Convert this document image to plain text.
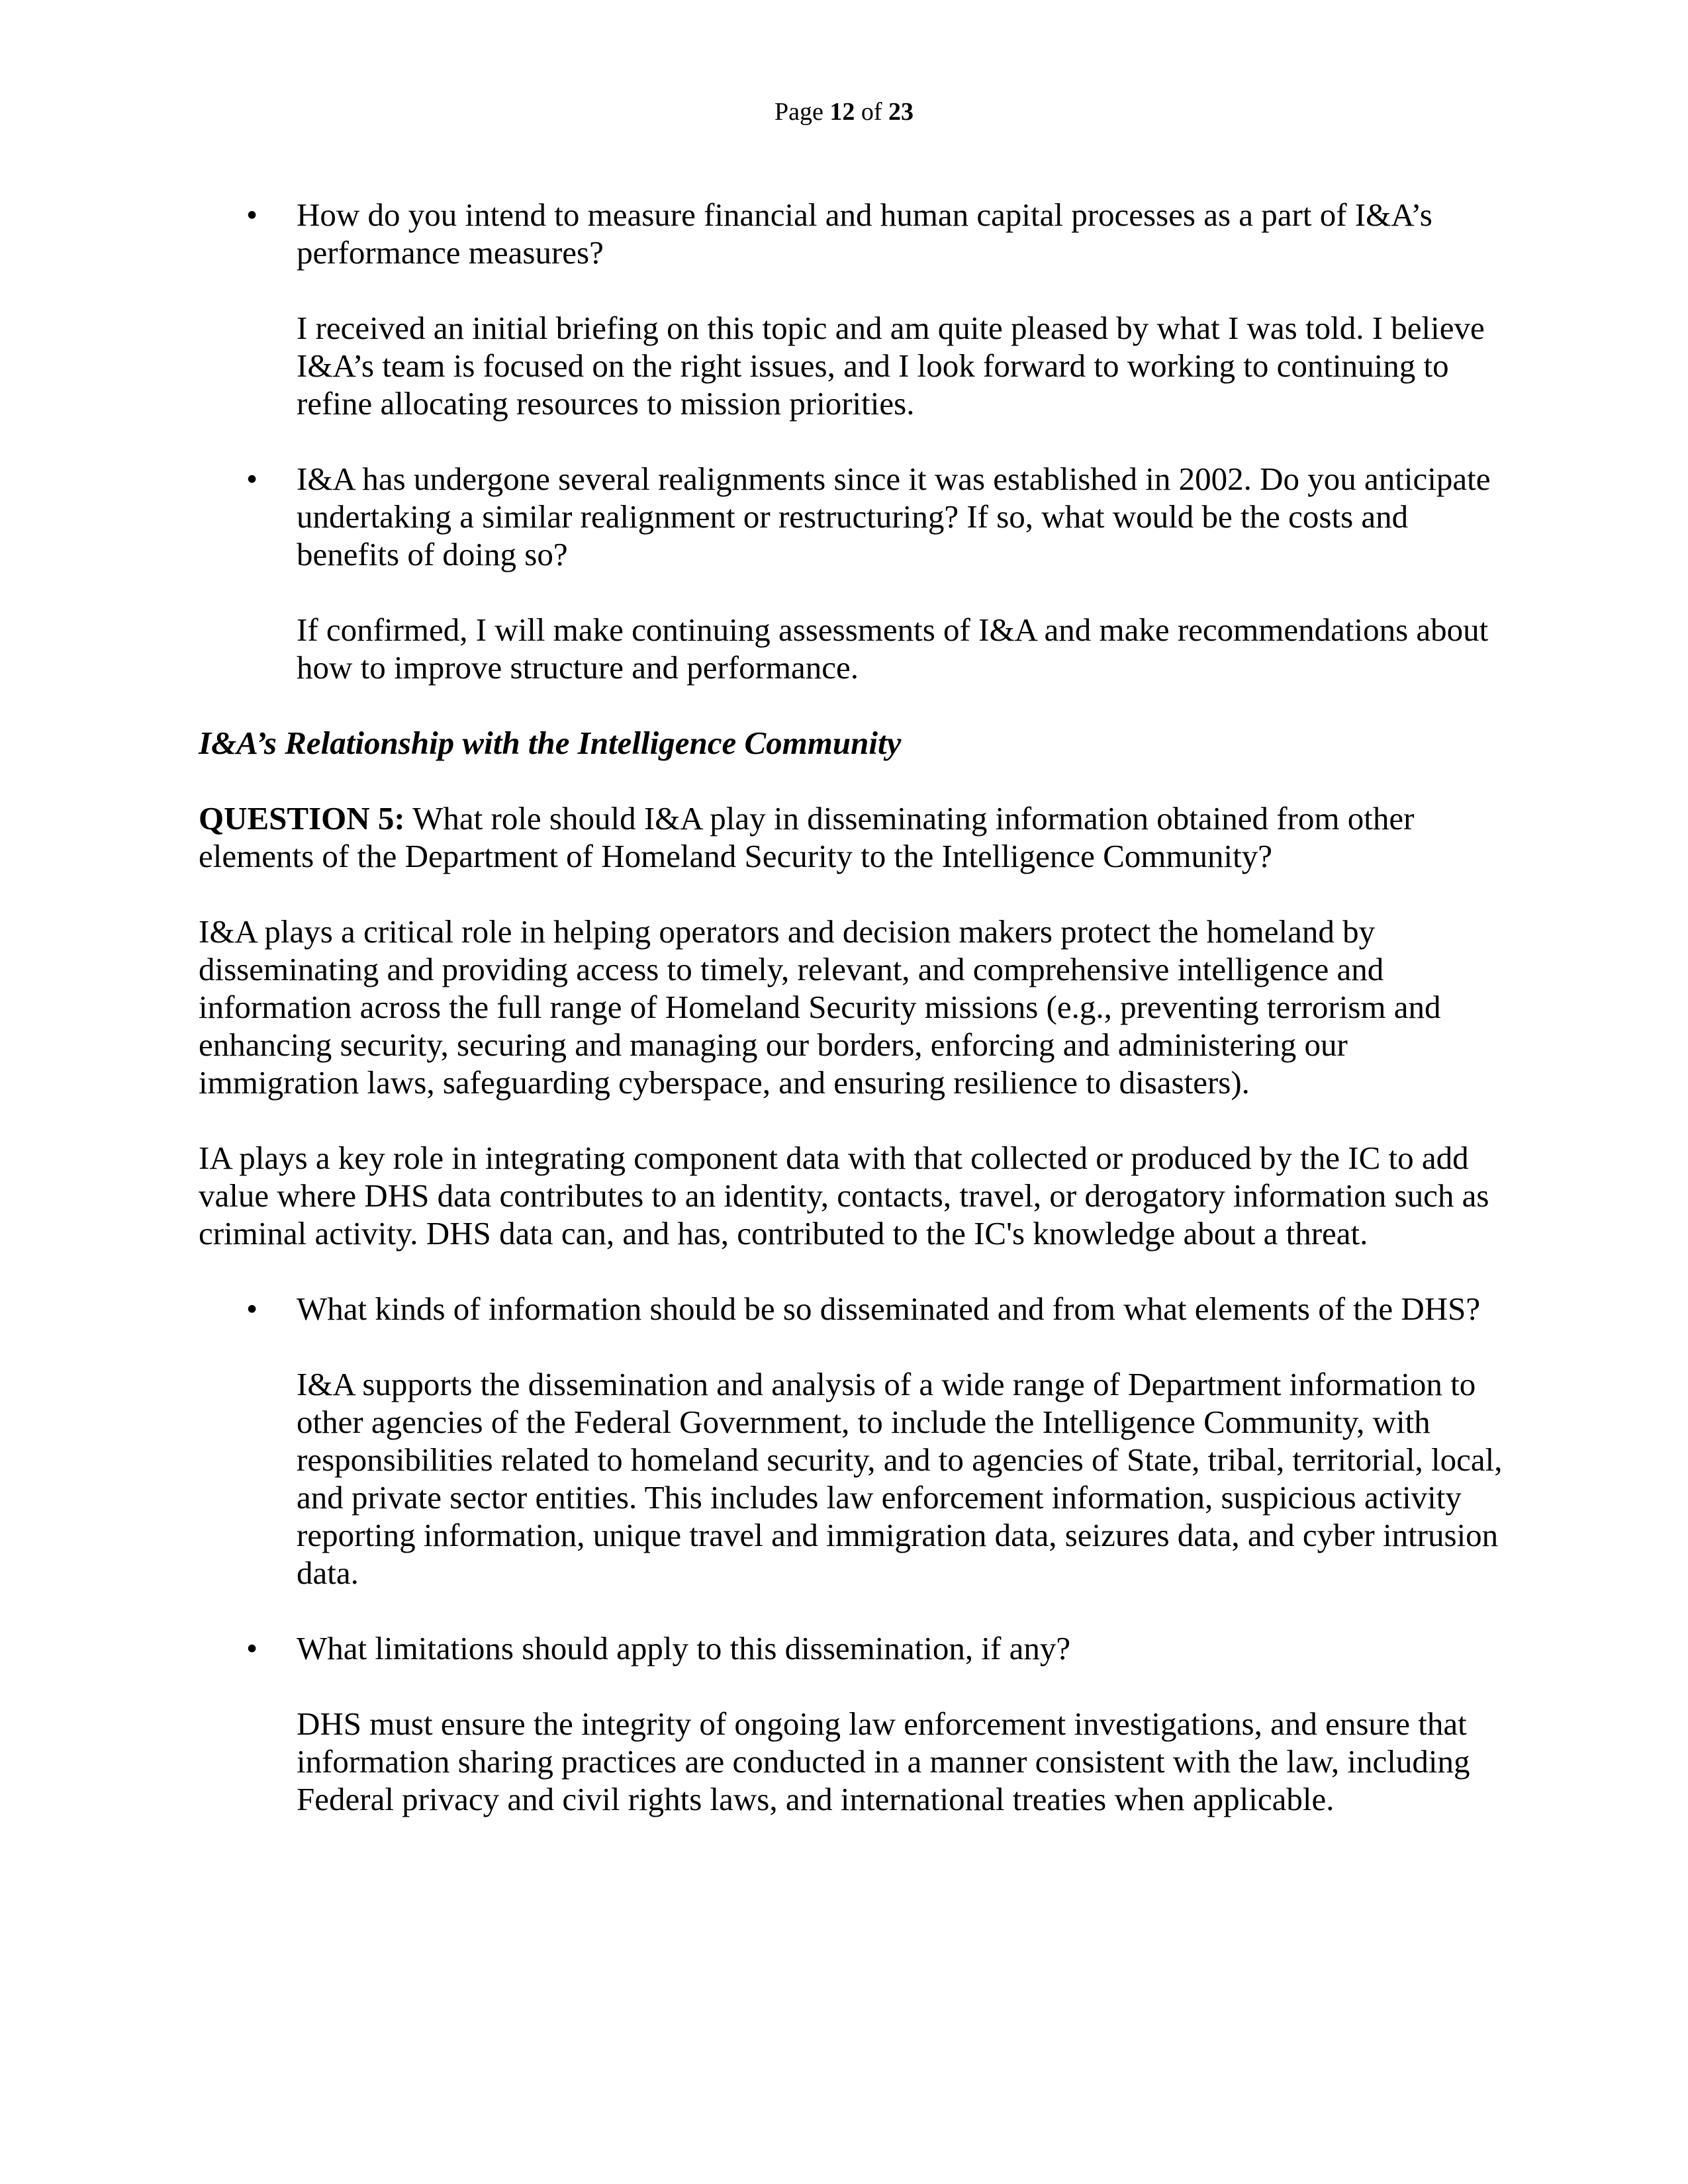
Page 12 of 23
• How do you intend to measure financial and human capital processes as a part of I&A’s performance measures?

I received an initial briefing on this topic and am quite pleased by what I was told. I believe I&A’s team is focused on the right issues, and I look forward to working to continuing to refine allocating resources to mission priorities.

• I&A has undergone several realignments since it was established in 2002. Do you anticipate undertaking a similar realignment or restructuring? If so, what would be the costs and benefits of doing so?

If confirmed, I will make continuing assessments of I&A and make recommendations about how to improve structure and performance.

I&A’s Relationship with the Intelligence Community

QUESTION 5: What role should I&A play in disseminating information obtained from other elements of the Department of Homeland Security to the Intelligence Community?

I&A plays a critical role in helping operators and decision makers protect the homeland by disseminating and providing access to timely, relevant, and comprehensive intelligence and information across the full range of Homeland Security missions (e.g., preventing terrorism and enhancing security, securing and managing our borders, enforcing and administering our immigration laws, safeguarding cyberspace, and ensuring resilience to disasters).

IA plays a key role in integrating component data with that collected or produced by the IC to add value where DHS data contributes to an identity, contacts, travel, or derogatory information such as criminal activity. DHS data can, and has, contributed to the IC's knowledge about a threat.

• What kinds of information should be so disseminated and from what elements of the DHS?

I&A supports the dissemination and analysis of a wide range of Department information to other agencies of the Federal Government, to include the Intelligence Community, with responsibilities related to homeland security, and to agencies of State, tribal, territorial, local, and private sector entities. This includes law enforcement information, suspicious activity reporting information, unique travel and immigration data, seizures data, and cyber intrusion data.

• What limitations should apply to this dissemination, if any?

DHS must ensure the integrity of ongoing law enforcement investigations, and ensure that information sharing practices are conducted in a manner consistent with the law, including Federal privacy and civil rights laws, and international treaties when applicable.
